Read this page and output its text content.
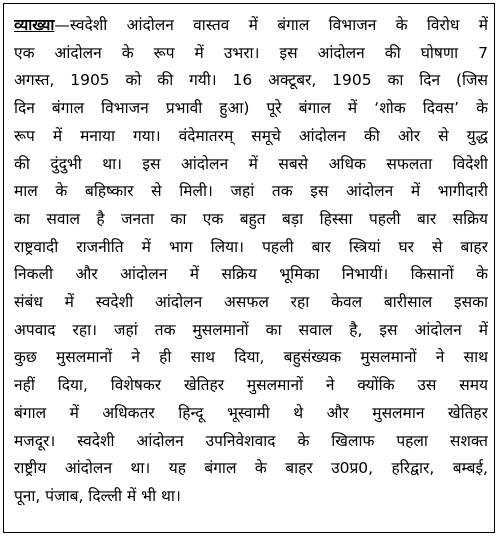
व्याख्या—स्वदेशी आंदोलन वास्तव में बंगाल विभाजन के विरोध में
एक आंदोलन के रूप में उभरा। इस आंदोलन की घोषणा 7
अगस्त, 1905 को की गयी। 16 अक्टूबर, 1905 का दिन (जिस
दिन बंगाल विभाजन प्रभावी हुआ) पूरे बंगाल में ‘शोक दिवस’ के
रूप में मनाया गया। वंदेमातरम् समूचे आंदोलन की ओर से युद्ध
की दुंदुभी था। इस आंदोलन में सबसे अधिक सफलता विदेशी
माल के बहिष्कार से मिली। जहां तक इस आंदोलन में भागीदारी
का सवाल है जनता का एक बहुत बड़ा हिस्सा पहली बार सक्रिय
राष्ट्रवादी राजनीति में भाग लिया। पहली बार स्त्रियां घर से बाहर
निकली और आंदोलन में सक्रिय भूमिका निभायीं। किसानों के
संबंध में स्वदेशी आंदोलन असफल रहा केवल बारीसाल इसका
अपवाद रहा। जहां तक मुसलमानों का सवाल है, इस आंदोलन में
कुछ मुसलमानों ने ही साथ दिया, बहुसंख्यक मुसलमानों ने साथ
नहीं दिया, विशेषकर खेतिहर मुसलमानों ने क्योंकि उस समय
बंगाल में अधिकतर हिन्दू भूस्वामी थे और मुसलमान खेतिहर
मजदूर। स्वदेशी आंदोलन उपनिवेशवाद के खिलाफ पहला सशक्त
राष्ट्रीय आंदोलन था। यह बंगाल के बाहर उ0प्र0, हरिद्वार, बम्बई,
पूना, पंजाब, दिल्ली में भी था।
